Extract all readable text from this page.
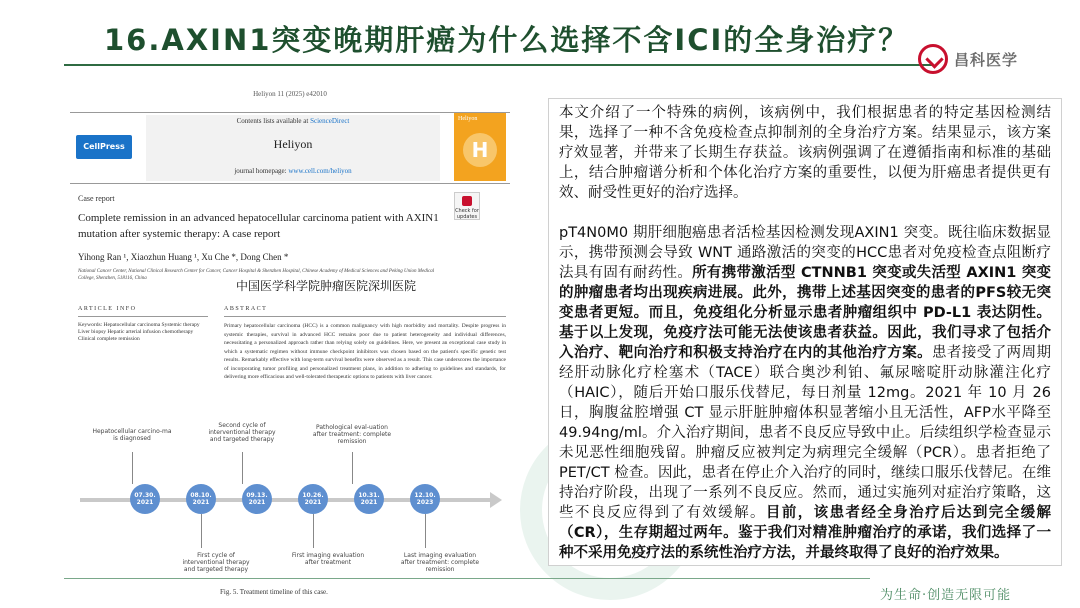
16.AXIN1突变晚期肝癌为什么选择不含ICI的全身治疗？
昌科医学
Heliyon 11 (2025) e42010
CellPress
Contents lists available at ScienceDirect
Heliyon
journal homepage: www.cell.com/heliyon
Heliyon
H
Case report
Check for updates
Complete remission in an advanced hepatocellular carcinoma patient with AXIN1 mutation after systemic therapy: A case report
Yihong Ran ¹, Xiaozhun Huang ¹, Xu Che *, Dong Chen *
National Cancer Center, National Clinical Research Center for Cancer, Cancer Hospital & Shenzhen Hospital, Chinese Academy of Medical Sciences and Peking Union Medical College, Shenzhen, 518116, China
中国医学科学院肿瘤医院深圳医院
ARTICLE INFO	ABSTRACT
Keywords: Hepatocellular carcinoma Systemic therapy Liver biopsy Hepatic arterial infusion chemotherapy Clinical complete remission
Primary hepatocellular carcinoma (HCC) is a common malignancy with high morbidity and mortality. Despite progress in systemic therapies, survival in advanced HCC remains poor due to patient heterogeneity and individual differences, necessitating a personalized approach rather than relying solely on guidelines. Here, we present an exceptional case study in which a systematic regimen without immune checkpoint inhibitors was chosen based on the patient's specific genetic test results. Remarkably effective with long-term survival benefits were observed as a result. This case underscores the importance of incorporating tumor profiling and personalized treatment plans, in addition to adhering to guidelines and standards, for delivering more efficacious and well-tolerated therapeutic options to patients with liver cancer.
Hepatocellular carcino-ma is diagnosed
Second cycle of interventional therapy and targeted therapy
Pathological eval-uation after treatment: complete remission
07.30.
2021
08.10.
2021
09.13.
2021
10.26.
2021
10.31.
2021
12.10.
2023
First cycle of interventional therapy and targeted therapy
First imaging evaluation after treatment
Last imaging evaluation after treatment: complete remission
Fig. 5. Treatment timeline of this case.

本文介绍了一个特殊的病例，该病例中，我们根据患者的特定基因检测结果，选择了一种不含免疫检查点抑制剂的全身治疗方案。结果显示，该方案疗效显著，并带来了长期生存获益。该病例强调了在遵循指南和标准的基础上，结合肿瘤谱分析和个体化治疗方案的重要性，以便为肝癌患者提供更有效、耐受性更好的治疗选择。

pT4N0M0 期肝细胞癌患者活检基因检测发现AXIN1 突变。既往临床数据显示，携带预测会导致 WNT 通路激活的突变的HCC患者对免疫检查点阻断疗法具有固有耐药性。所有携带激活型 CTNNB1 突变或失活型 AXIN1 突变的肿瘤患者均出现疾病进展。此外，携带上述基因突变的患者的PFS较无突变患者更短。而且，免疫组化分析显示患者肿瘤组织中 PD-L1 表达阴性。基于以上发现，免疫疗法可能无法使该患者获益。因此，我们寻求了包括介入治疗、靶向治疗和积极支持治疗在内的其他治疗方案。患者接受了两周期经肝动脉化疗栓塞术（TACE）联合奥沙利铂、氟尿嘧啶肝动脉灌注化疗（HAIC），随后开始口服乐伐替尼，每日剂量 12mg。2021 年 10 月 26 日，胸腹盆腔增强 CT 显示肝脏肿瘤体积显著缩小且无活性，AFP水平降至 49.94ng/ml。介入治疗期间，患者不良反应导致中止。后续组织学检查显示未见恶性细胞残留。肿瘤反应被判定为病理完全缓解（PCR）。患者拒绝了PET/CT 检查。因此，患者在停止介入治疗的同时，继续口服乐伐替尼。在维持治疗阶段，出现了一系列不良反应。然而，通过实施列对症治疗策略，这些不良反应得到了有效缓解。目前，该患者经全身治疗后达到完全缓解（CR），生存期超过两年。鉴于我们对精准肿瘤治疗的承诺，我们选择了一种不采用免疫疗法的系统性治疗方法，并最终取得了良好的治疗效果。

为生命·创造无限可能
